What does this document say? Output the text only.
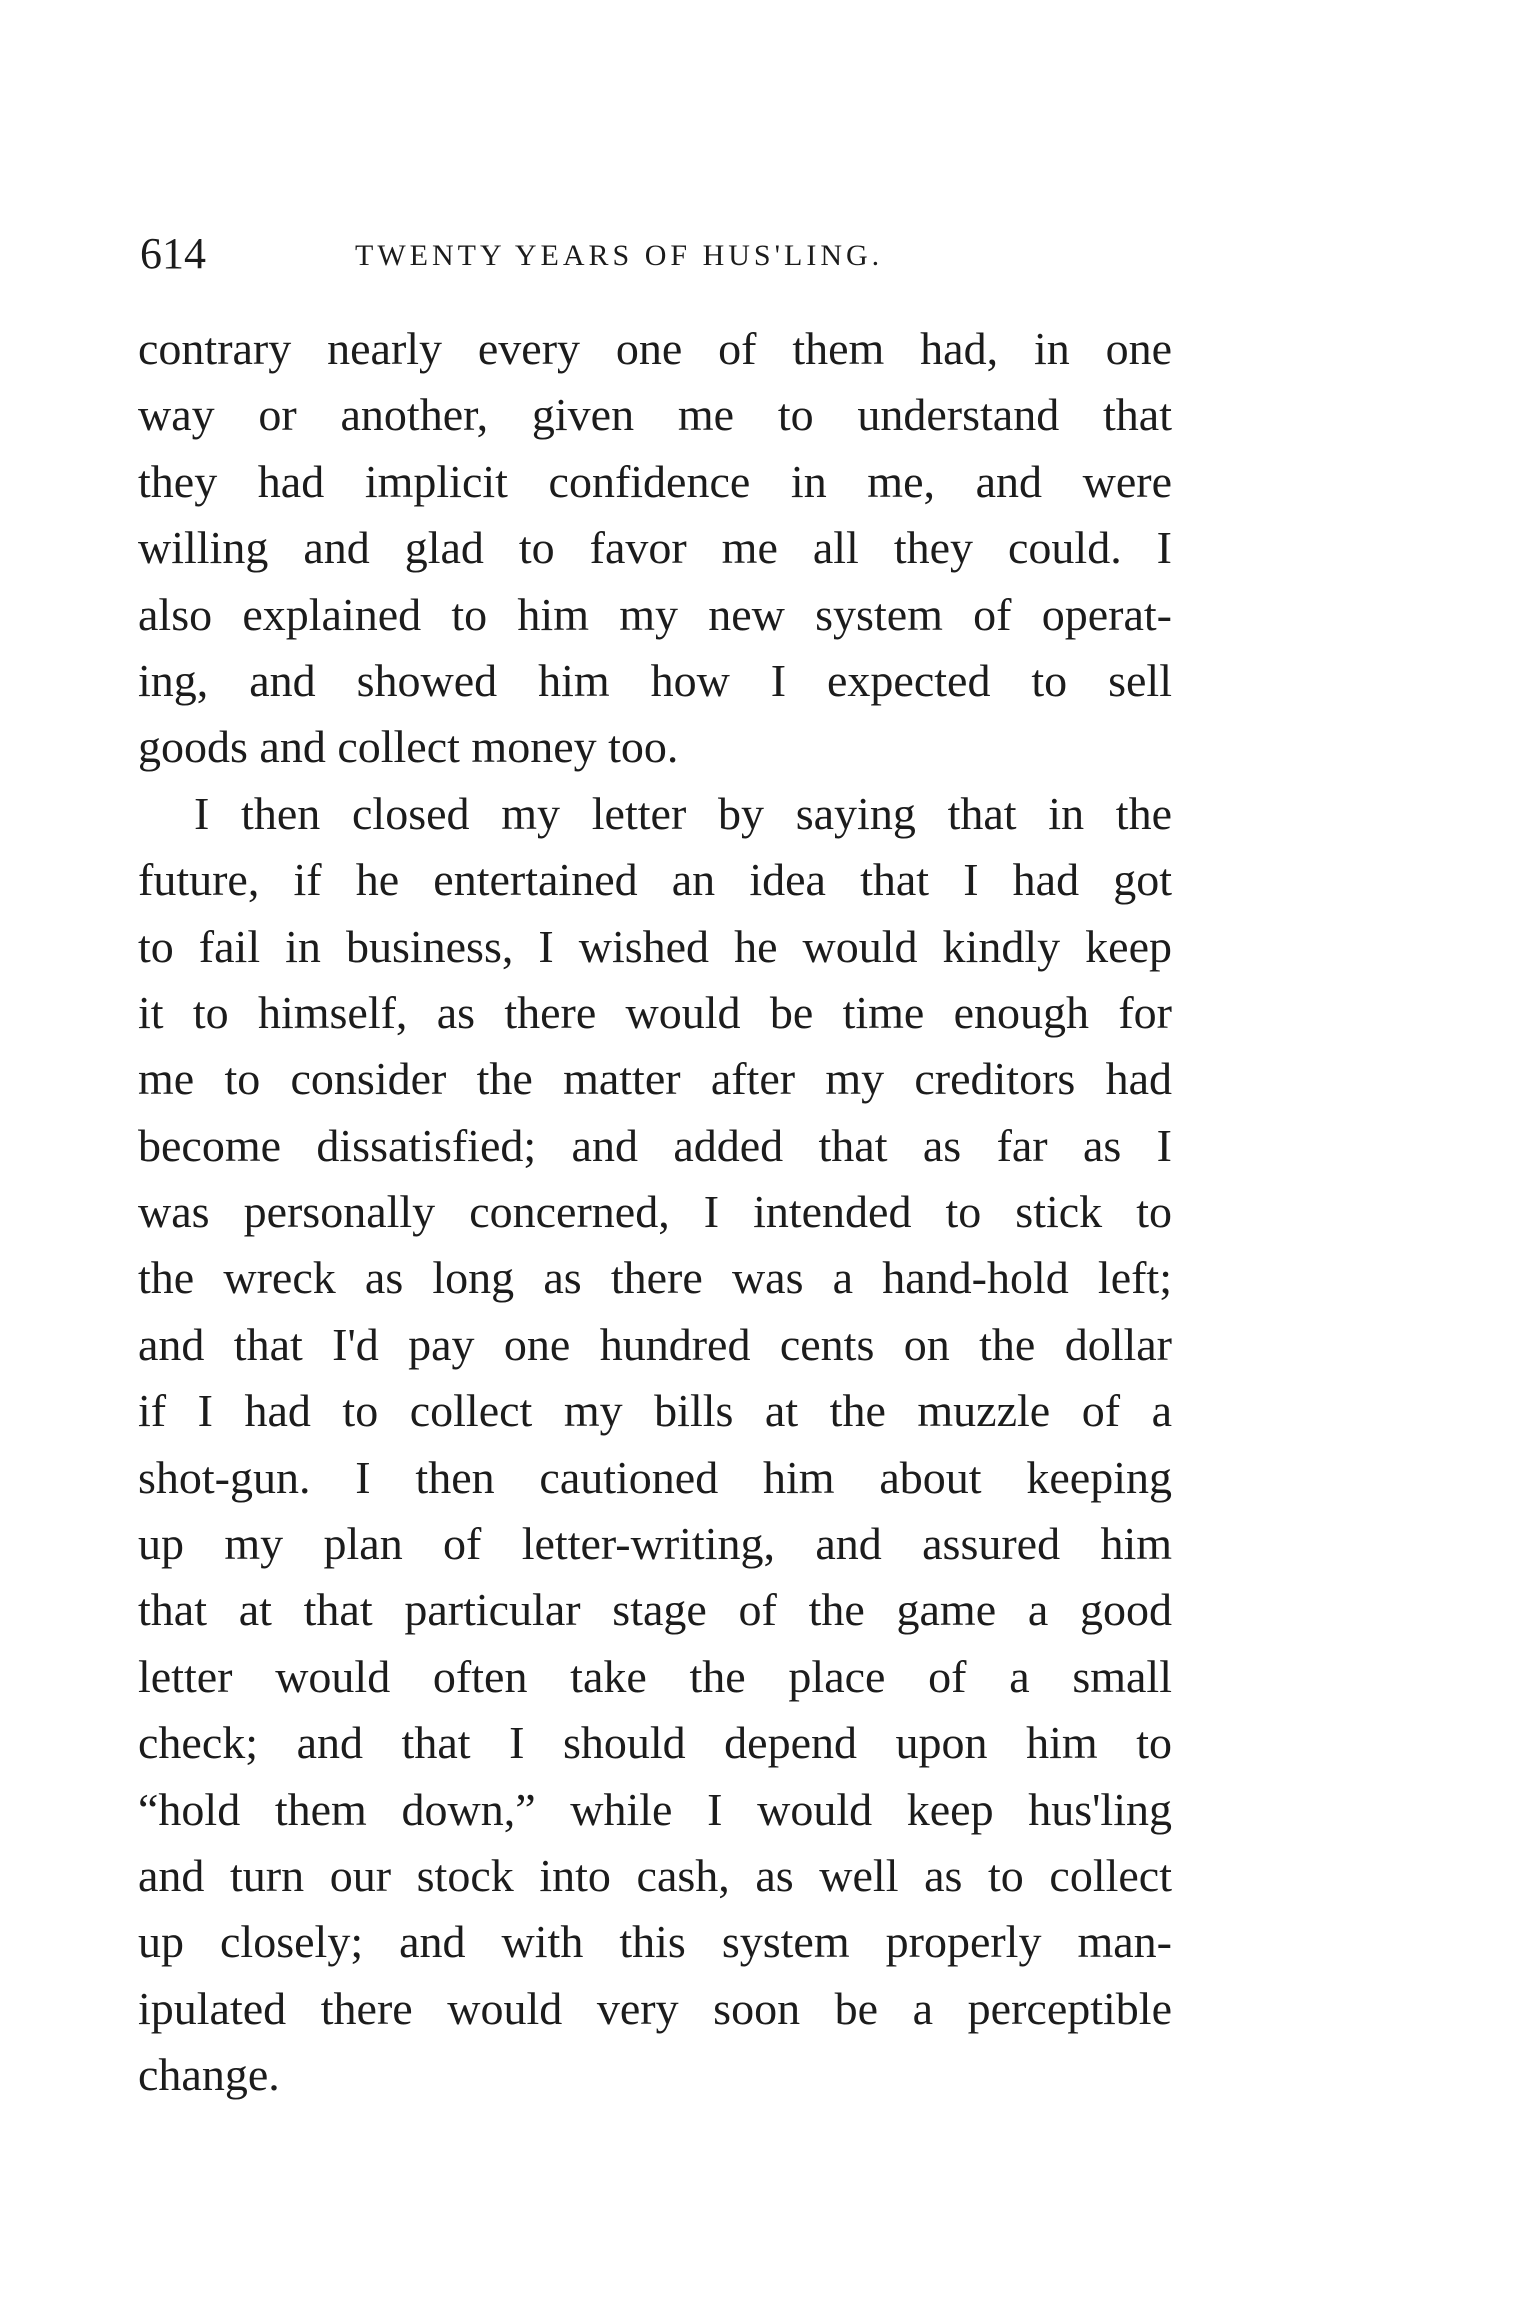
614	TWENTY YEARS OF HUS'LING.
contrary nearly every one of them had, in one
way or another, given me to understand that
they had implicit confidence in me, and were
willing and glad to favor me all they could. I
also explained to him my new system of operat-
ing, and showed him how I expected to sell
goods and collect money too.
I then closed my letter by saying that in the
future, if he entertained an idea that I had got
to fail in business, I wished he would kindly keep
it to himself, as there would be time enough for
me to consider the matter after my creditors had
become dissatisfied; and added that as far as I
was personally concerned, I intended to stick to
the wreck as long as there was a hand-hold left;
and that I'd pay one hundred cents on the dollar
if I had to collect my bills at the muzzle of a
shot-gun. I then cautioned him about keeping
up my plan of letter-writing, and assured him
that at that particular stage of the game a good
letter would often take the place of a small
check; and that I should depend upon him to
“hold them down,” while I would keep hus'ling
and turn our stock into cash, as well as to collect
up closely; and with this system properly man-
ipulated there would very soon be a perceptible
change.
